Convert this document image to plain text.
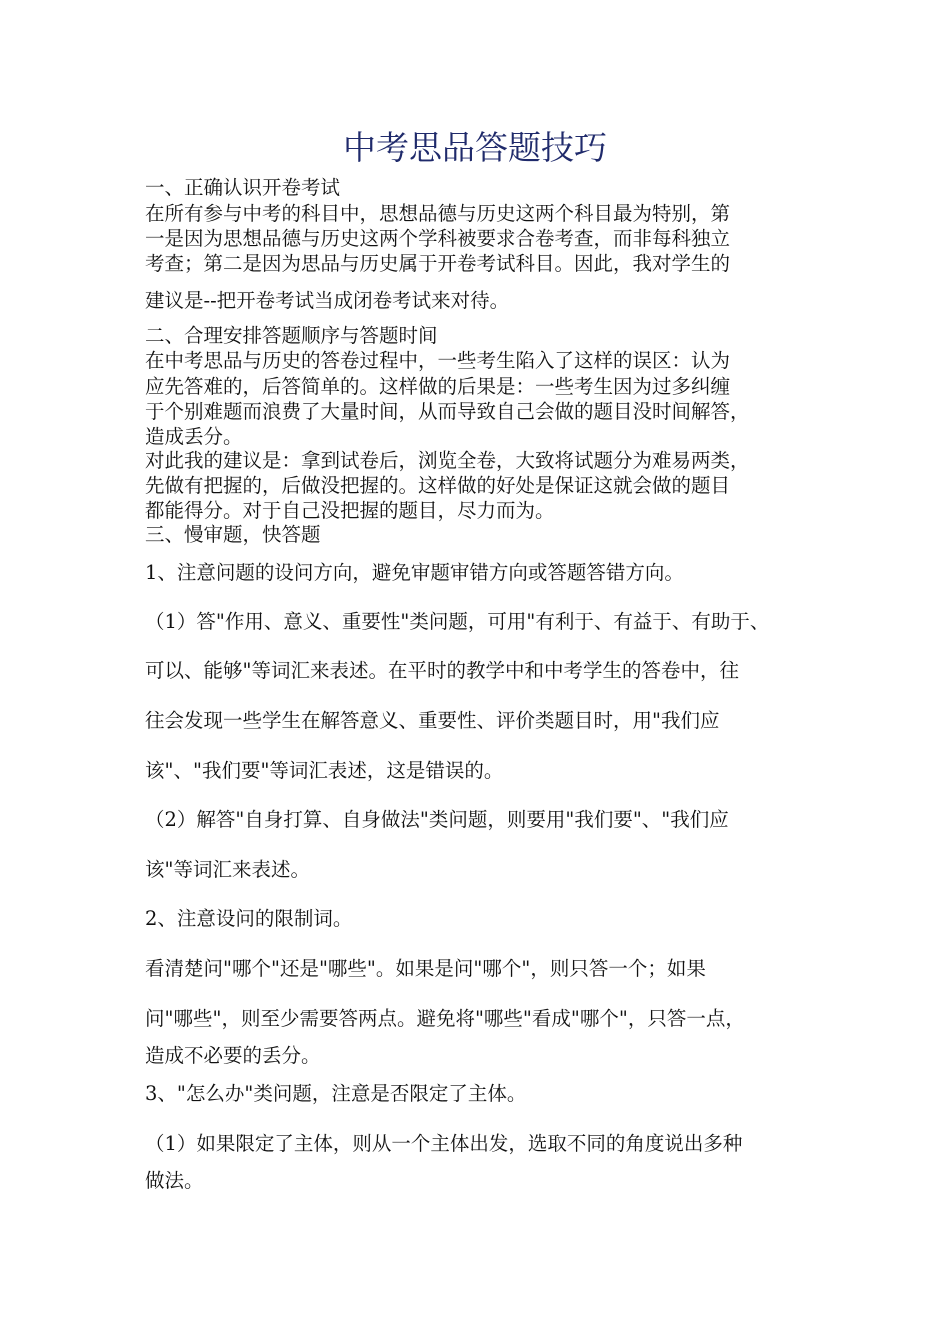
中考思品答题技巧
一、正确认识开卷考试
在所有参与中考的科目中，思想品德与历史这两个科目最为特别，第
一是因为思想品德与历史这两个学科被要求合卷考查，而非每科独立
考查；第二是因为思品与历史属于开卷考试科目。因此，我对学生的
建议是--把开卷考试当成闭卷考试来对待。
二、合理安排答题顺序与答题时间
在中考思品与历史的答卷过程中，一些考生陷入了这样的误区：认为
应先答难的，后答简单的。这样做的后果是：一些考生因为过多纠缠
于个别难题而浪费了大量时间，从而导致自己会做的题目没时间解答，
造成丢分。
对此我的建议是：拿到试卷后，浏览全卷，大致将试题分为难易两类，
先做有把握的，后做没把握的。这样做的好处是保证这就会做的题目
都能得分。对于自己没把握的题目，尽力而为。
三、慢审题，快答题
1、注意问题的设问方向，避免审题审错方向或答题答错方向。
（1）答"作用、意义、重要性"类问题，可用"有利于、有益于、有助于、
可以、能够"等词汇来表述。在平时的教学中和中考学生的答卷中，往
往会发现一些学生在解答意义、重要性、评价类题目时，用"我们应
该"、"我们要"等词汇表述，这是错误的。
（2）解答"自身打算、自身做法"类问题，则要用"我们要"、"我们应
该"等词汇来表述。
2、注意设问的限制词。
看清楚问"哪个"还是"哪些"。如果是问"哪个"，则只答一个；如果
问"哪些"，则至少需要答两点。避免将"哪些"看成"哪个"，只答一点，
造成不必要的丢分。
3、"怎么办"类问题，注意是否限定了主体。
（1）如果限定了主体，则从一个主体出发，选取不同的角度说出多种
做法。
